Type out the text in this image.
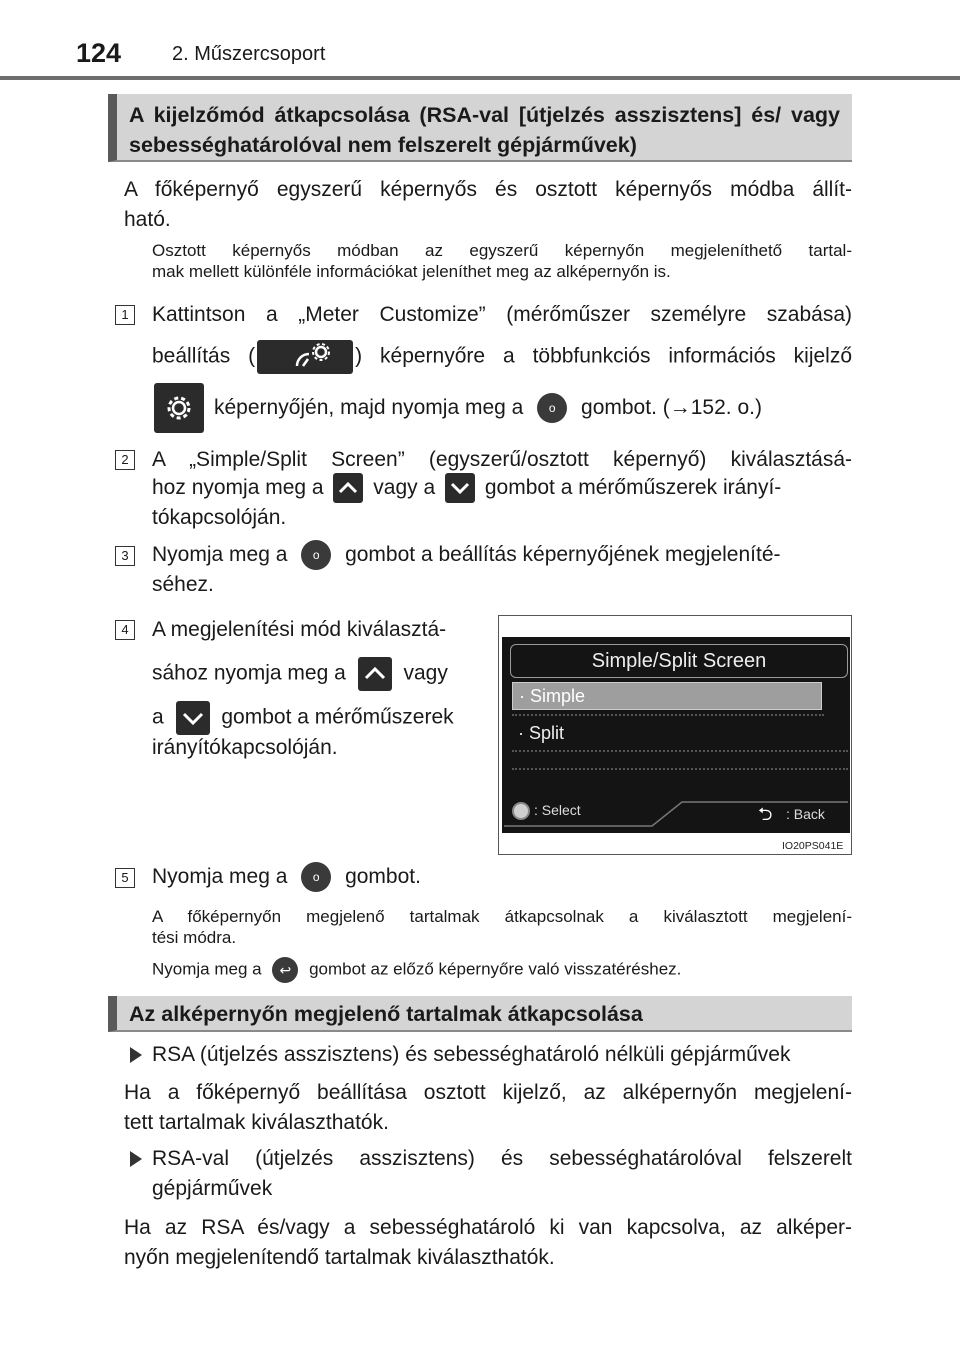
124	2. Műszercsoport
A kijelzőmód átkapcsolása (RSA-val [útjelzés asszisztens] és/ vagy sebességhatárolóval nem felszerelt gépjárművek)
A főképernyő egyszerű képernyős és osztott képernyős módba állít-
ható.
Osztott képernyős módban az egyszerű képernyőn megjeleníthető tartal-
mak mellett különféle információkat jeleníthet meg az alképernyőn is.
1	Kattintson a „Meter Customize” (mérőműszer személyre szabása)
beállítás (	) képernyőre a többfunkciós információs kijelző
képernyőjén, majd nyomja meg a o gombot. (→152. o.)
2	A „Simple/Split Screen” (egyszerű/osztott képernyő) kiválasztásá-
hoz nyomja meg a vagy a gombot a mérőműszerek irányí-
tókapcsolóján.
3	Nyomja meg a o gombot a beállítás képernyőjének megjeleníté-
séhez.
4	A megjelenítési mód kiválasztá-
sához nyomja meg a	vagy
a	gombot a mérőműszerek
irányítókapcsolóján.
Simple/Split Screen
· Simple
· Split
: Select	⮌ : Back
IO20PS041E
5	Nyomja meg a o gombot.
A főképernyőn megjelenő tartalmak átkapcsolnak a kiválasztott megjelení-
tési módra.
Nyomja meg a ↩ gombot az előző képernyőre való visszatéréshez.
Az alképernyőn megjelenő tartalmak átkapcsolása
RSA (útjelzés asszisztens) és sebességhatároló nélküli gépjárművek
Ha a főképernyő beállítása osztott kijelző, az alképernyőn megjelení-
tett tartalmak kiválaszthatók.
RSA-val (útjelzés asszisztens) és sebességhatárolóval felszerelt
gépjárművek
Ha az RSA és/vagy a sebességhatároló ki van kapcsolva, az alképer-
nyőn megjelenítendő tartalmak kiválaszthatók.
